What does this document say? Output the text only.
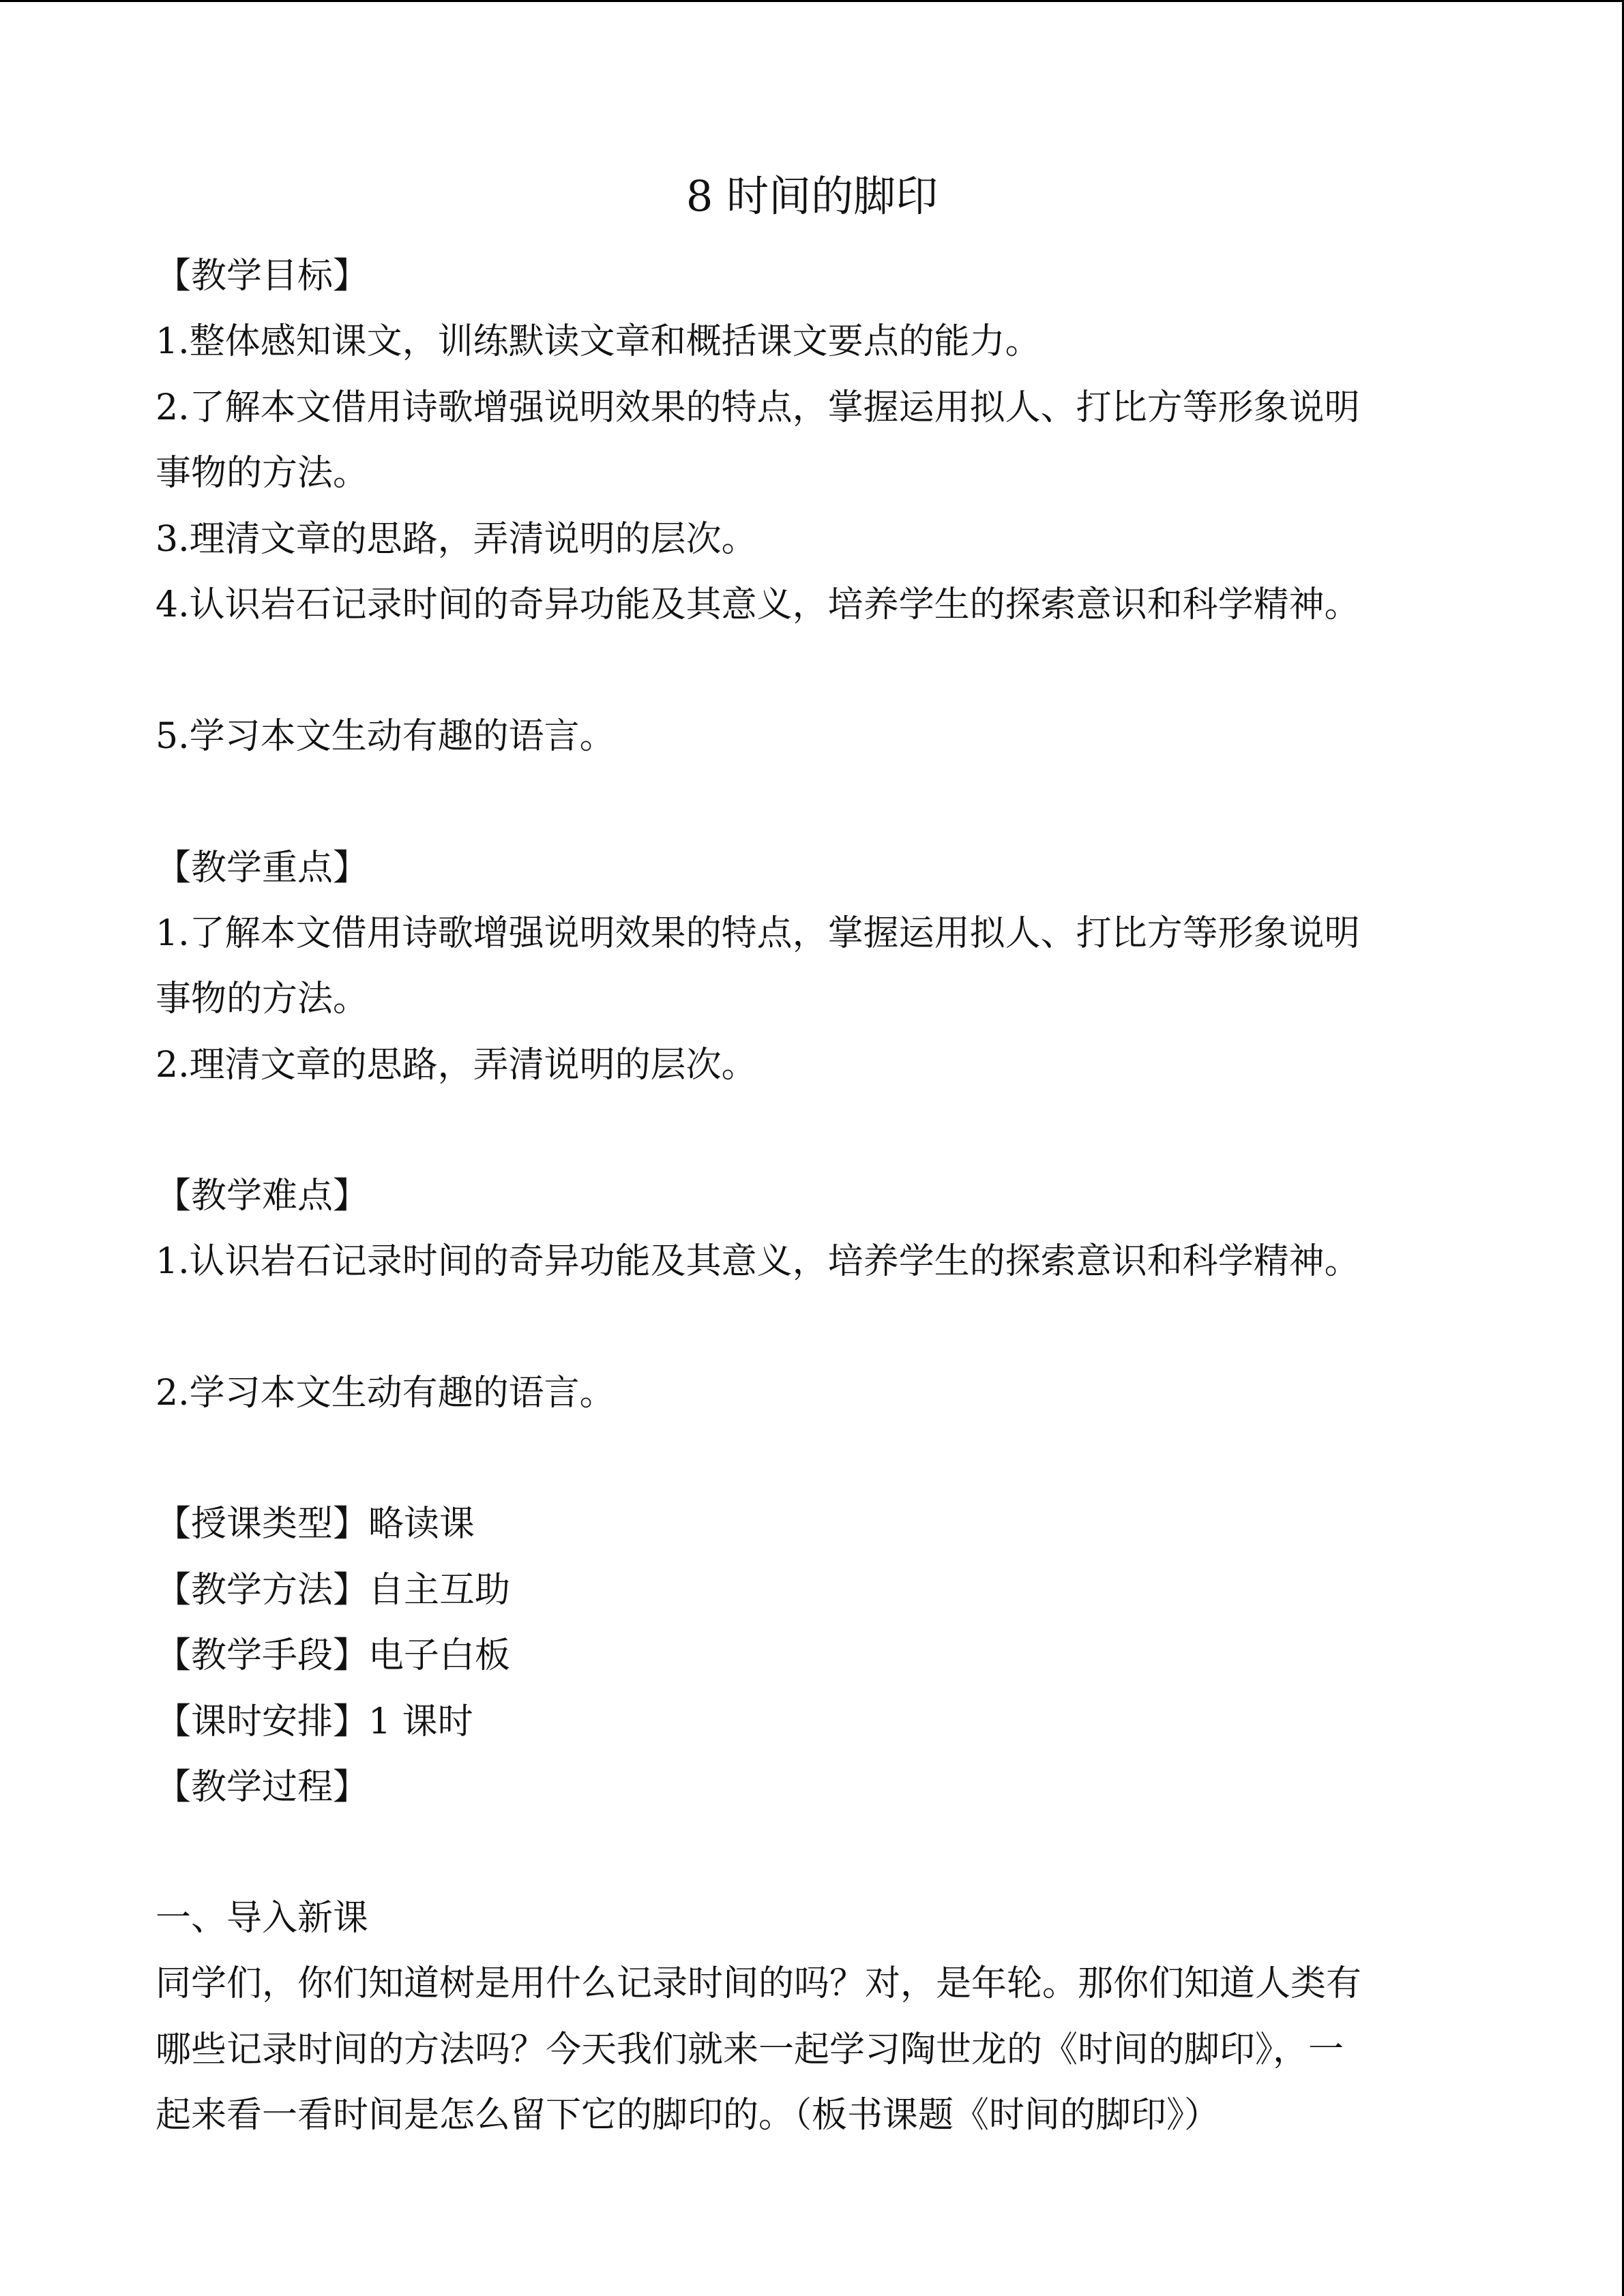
8 时间的脚印
【教学目标】
1.整体感知课文，训练默读文章和概括课文要点的能力。
2.了解本文借用诗歌增强说明效果的特点，掌握运用拟人、打比方等形象说明
事物的方法。
3.理清文章的思路，弄清说明的层次。
4.认识岩石记录时间的奇异功能及其意义，培养学生的探索意识和科学精神。
5.学习本文生动有趣的语言。
【教学重点】
1.了解本文借用诗歌增强说明效果的特点，掌握运用拟人、打比方等形象说明
事物的方法。
2.理清文章的思路，弄清说明的层次。
【教学难点】
1.认识岩石记录时间的奇异功能及其意义，培养学生的探索意识和科学精神。
2.学习本文生动有趣的语言。
【授课类型】略读课
【教学方法】自主互助
【教学手段】电子白板
【课时安排】1 课时
【教学过程】
一、导入新课
同学们，你们知道树是用什么记录时间的吗？对，是年轮。那你们知道人类有
哪些记录时间的方法吗？今天我们就来一起学习陶世龙的《时间的脚印》，一
起来看一看时间是怎么留下它的脚印的。（板书课题《时间的脚印》）
